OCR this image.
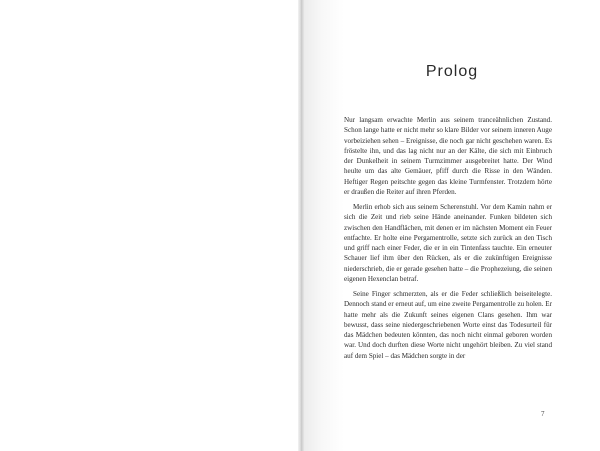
Prolog

Nur langsam erwachte Merlin aus seinem tranceähnlichen Zustand. Schon lange hatte er nicht mehr so klare Bilder vor seinem inneren Auge vorbeiziehen sehen – Ereignisse, die noch gar nicht geschehen waren. Es fröstelte ihn, und das lag nicht nur an der Kälte, die sich mit Einbruch der Dunkelheit in seinem Turmzimmer ausgebreitet hatte. Der Wind heulte um das alte Gemäuer, pfiff durch die Risse in den Wänden. Heftiger Regen peitschte gegen das kleine Turmfenster. Trotzdem hörte er draußen die Reiter auf ihren Pferden.

Merlin erhob sich aus seinem Scherenstuhl. Vor dem Kamin nahm er sich die Zeit und rieb seine Hände aneinander. Funken bildeten sich zwischen den Handflächen, mit denen er im nächsten Moment ein Feuer entfachte. Er holte eine Pergamentrolle, setzte sich zurück an den Tisch und griff nach einer Feder, die er in ein Tintenfass tauchte. Ein erneuter Schauer lief ihm über den Rücken, als er die zukünftigen Ereignisse niederschrieb, die er gerade gesehen hatte – die Prophezeiung, die seinen eigenen Hexenclan betraf.

Seine Finger schmerzten, als er die Feder schließlich beiseitelegte. Dennoch stand er erneut auf, um eine zweite Pergamentrolle zu holen. Er hatte mehr als die Zukunft seines eigenen Clans gesehen. Ihm war bewusst, dass seine niedergeschriebenen Worte einst das Todesurteil für das Mädchen bedeuten könnten, das noch nicht einmal geboren worden war. Und doch durften diese Worte nicht ungehört bleiben. Zu viel stand auf dem Spiel – das Mädchen sorgte in der

7
